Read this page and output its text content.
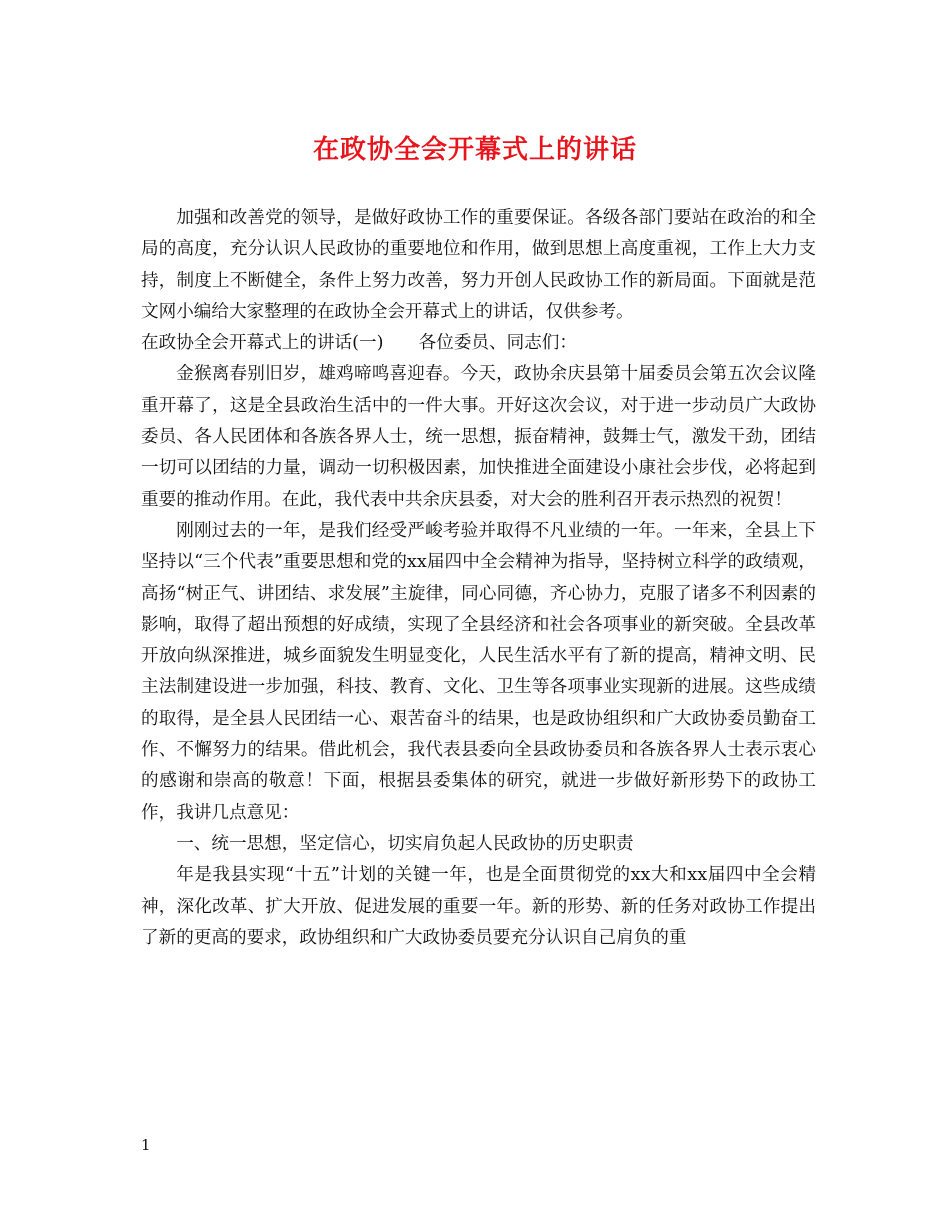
在政协全会开幕式上的讲话

加强和改善党的领导，是做好政协工作的重要保证。各级各部门要站在政治的和全局的高度，充分认识人民政协的重要地位和作用，做到思想上高度重视，工作上大力支持，制度上不断健全，条件上努力改善，努力开创人民政协工作的新局面。下面就是范文网小编给大家整理的在政协全会开幕式上的讲话，仅供参考。

在政协全会开幕式上的讲话(一)　　各位委员、同志们：

金猴离春别旧岁，雄鸡啼鸣喜迎春。今天，政协余庆县第十届委员会第五次会议隆重开幕了，这是全县政治生活中的一件大事。开好这次会议，对于进一步动员广大政协委员、各人民团体和各族各界人士，统一思想，振奋精神，鼓舞士气，激发干劲，团结一切可以团结的力量，调动一切积极因素，加快推进全面建设小康社会步伐，必将起到重要的推动作用。在此，我代表中共余庆县委，对大会的胜利召开表示热烈的祝贺！

刚刚过去的一年，是我们经受严峻考验并取得不凡业绩的一年。一年来，全县上下坚持以“三个代表”重要思想和党的xx届四中全会精神为指导，坚持树立科学的政绩观，高扬“树正气、讲团结、求发展”主旋律，同心同德，齐心协力，克服了诸多不利因素的影响，取得了超出预想的好成绩，实现了全县经济和社会各项事业的新突破。全县改革开放向纵深推进，城乡面貌发生明显变化，人民生活水平有了新的提高，精神文明、民主法制建设进一步加强，科技、教育、文化、卫生等各项事业实现新的进展。这些成绩的取得，是全县人民团结一心、艰苦奋斗的结果，也是政协组织和广大政协委员勤奋工作、不懈努力的结果。借此机会，我代表县委向全县政协委员和各族各界人士表示衷心的感谢和崇高的敬意！下面，根据县委集体的研究，就进一步做好新形势下的政协工作，我讲几点意见：

一、统一思想，坚定信心，切实肩负起人民政协的历史职责

年是我县实现“十五”计划的关键一年，也是全面贯彻党的xx大和xx届四中全会精神，深化改革、扩大开放、促进发展的重要一年。新的形势、新的任务对政协工作提出了新的更高的要求，政协组织和广大政协委员要充分认识自己肩负的重

1
